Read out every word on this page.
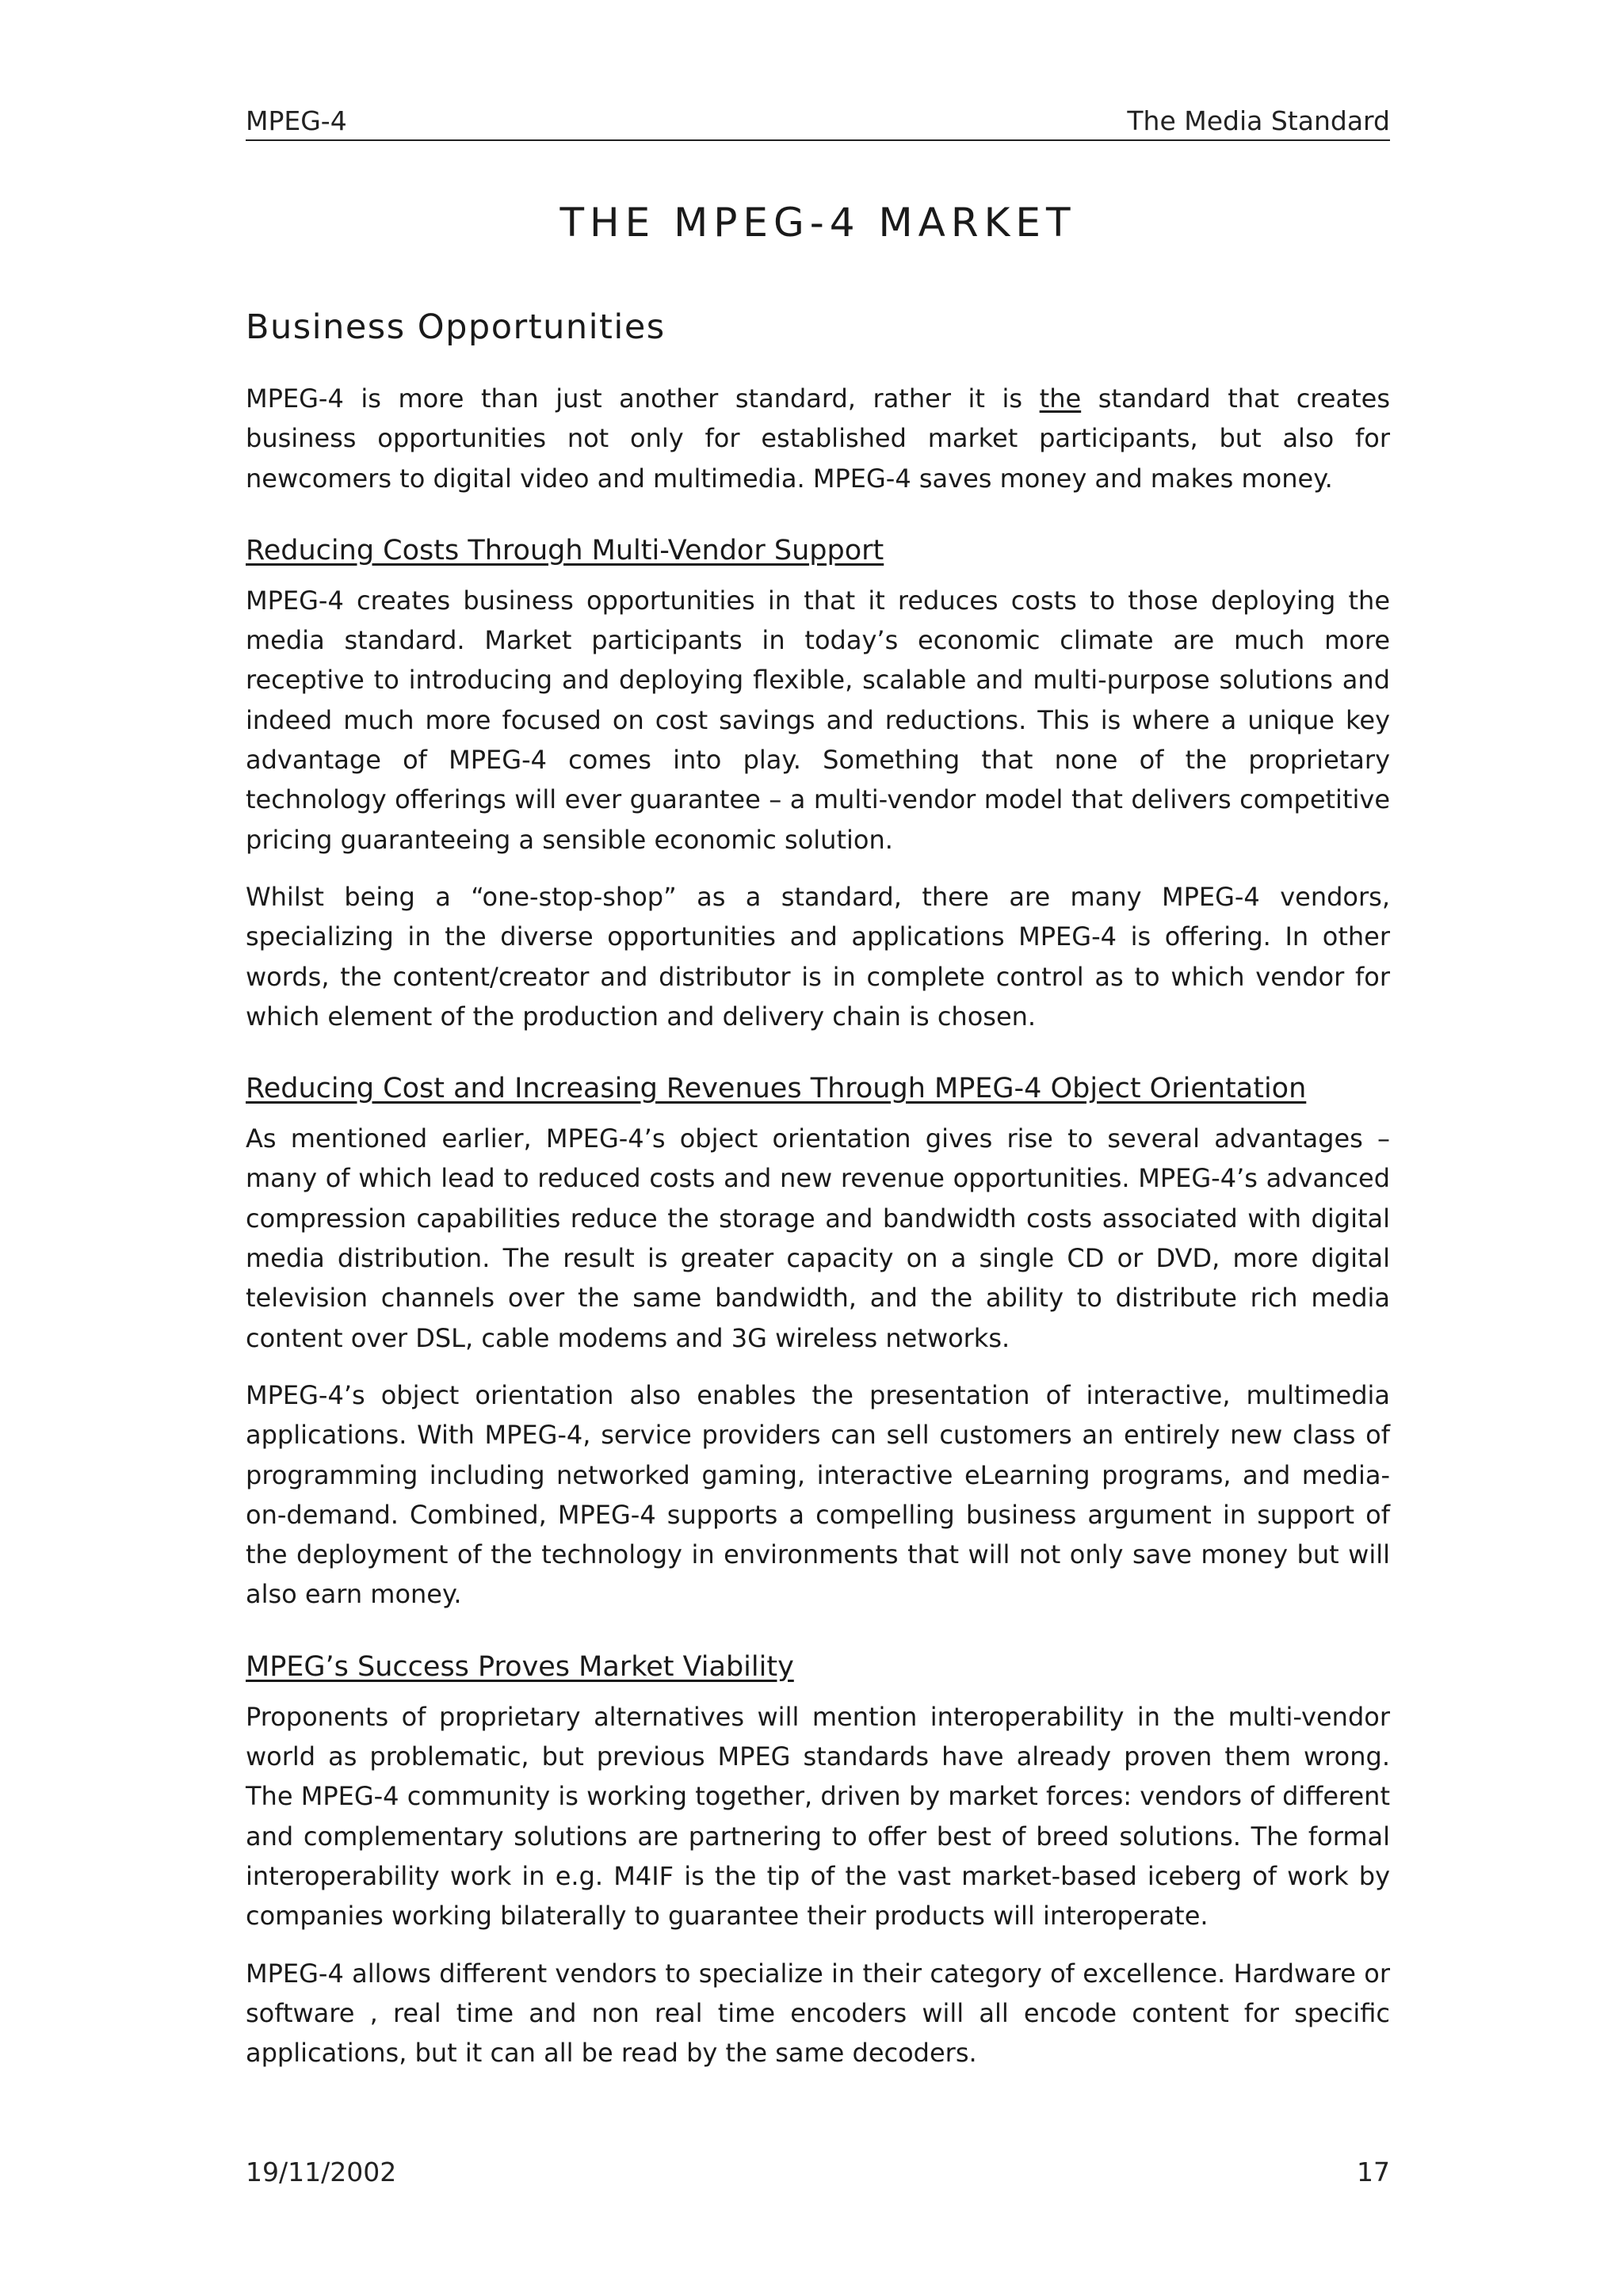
MPEG-4	The Media Standard
THE MPEG-4 MARKET
Business Opportunities

MPEG-4 is more than just another standard, rather it is the standard that creates business opportunities not only for established market participants, but also for newcomers to digital video and multimedia. MPEG-4 saves money and makes money.

Reducing Costs Through Multi-Vendor Support

MPEG-4 creates business opportunities in that it reduces costs to those deploying the media standard. Market participants in today’s economic climate are much more receptive to introducing and deploying flexible, scalable and multi-purpose solutions and indeed much more focused on cost savings and reductions. This is where a unique key advantage of MPEG-4 comes into play. Something that none of the proprietary technology offerings will ever guarantee – a multi-vendor model that delivers competitive pricing guaranteeing a sensible economic solution.

Whilst being a “one-stop-shop” as a standard, there are many MPEG-4 vendors, specializing in the diverse opportunities and applications MPEG-4 is offering. In other words, the content/creator and distributor is in complete control as to which vendor for which element of the production and delivery chain is chosen.

Reducing Cost and Increasing Revenues Through MPEG-4 Object Orientation

As mentioned earlier, MPEG-4’s object orientation gives rise to several advantages – many of which lead to reduced costs and new revenue opportunities. MPEG-4’s advanced compression capabilities reduce the storage and bandwidth costs associated with digital media distribution. The result is greater capacity on a single CD or DVD, more digital television channels over the same bandwidth, and the ability to distribute rich media content over DSL, cable modems and 3G wireless networks.

MPEG-4’s object orientation also enables the presentation of interactive, multimedia applications. With MPEG-4, service providers can sell customers an entirely new class of programming including networked gaming, interactive eLearning programs, and media-on-demand. Combined, MPEG-4 supports a compelling business argument in support of the deployment of the technology in environments that will not only save money but will also earn money.

MPEG’s Success Proves Market Viability

Proponents of proprietary alternatives will mention interoperability in the multi-vendor world as problematic, but previous MPEG standards have already proven them wrong. The MPEG-4 community is working together, driven by market forces: vendors of different and complementary solutions are partnering to offer best of breed solutions. The formal interoperability work in e.g. M4IF is the tip of the vast market-based iceberg of work by companies working bilaterally to guarantee their products will interoperate.

MPEG-4 allows different vendors to specialize in their category of excellence. Hardware or software , real time and non real time encoders will all encode content for specific applications, but it can all be read by the same decoders.

19/11/2002	17
